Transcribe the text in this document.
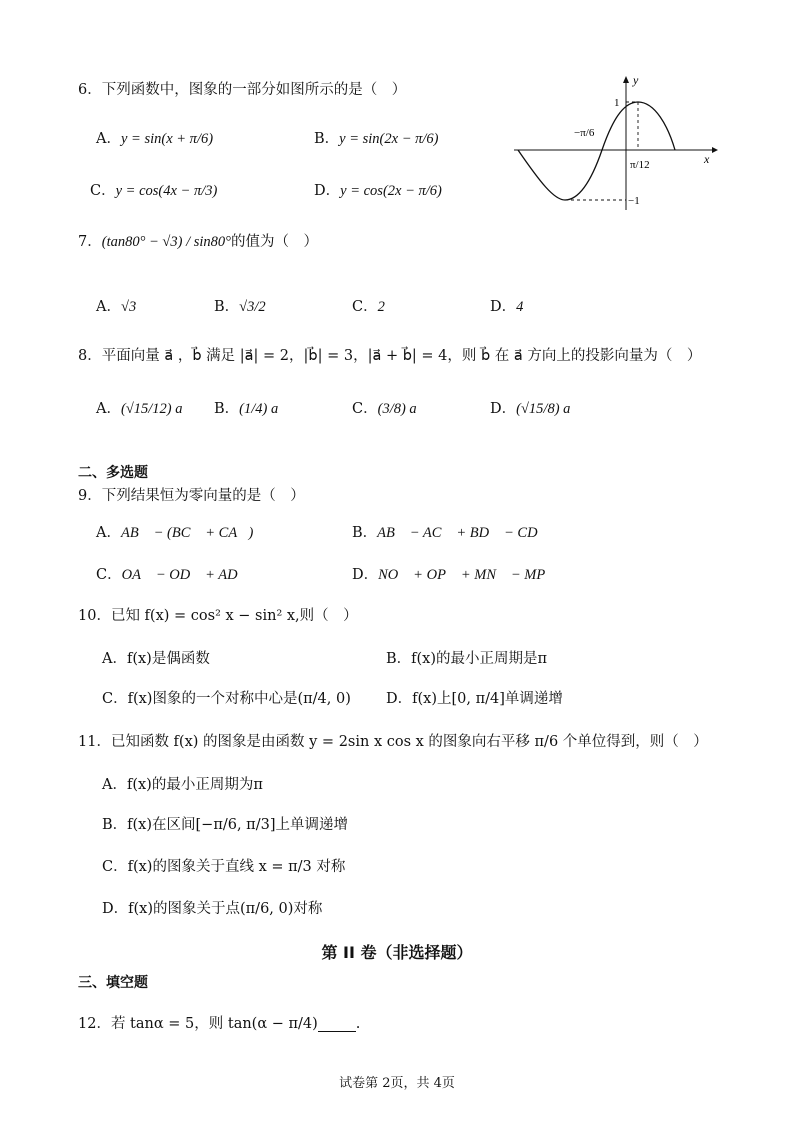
6．下列函数中，图象的一部分如图所示的是（　）
A．y = sin(x + π/6)	B．y = sin(2x − π/6)
C．y = cos(4x − π/3)	D．y = cos(2x − π/6)
y
x
1
−1
−π/6
π/12
7．(tan80° − √3) / sin80°的值为（　）
A．√3	B．√3/2	C．2	D．4
8．平面向量 a⃗ ，b⃗ 满足 |a⃗| = 2，|b⃗| = 3，|a⃗ + b⃗| = 4，则 b⃗ 在 a⃗ 方向上的投影向量为（　）
A．(√15/12) a⃗ B．(1/4) a⃗	C．(3/8) a⃗	D．(√15/8) a⃗
二、多选题
9．下列结果恒为零向量的是（　）
A．AB⃗ − (BC⃗ + CA⃗)	B．AB⃗ − AC⃗ + BD⃗ − CD⃗
C．OA⃗ − OD⃗ + AD⃗	D．NO⃗ + OP⃗ + MN⃗ − MP⃗
10．已知 f(x) = cos² x − sin² x,则（　）
A．f(x)是偶函数	B．f(x)的最小正周期是π
C．f(x)图象的一个对称中心是(π/4, 0) D．f(x)上[0, π/4]单调递增
11．已知函数 f(x) 的图象是由函数 y = 2sin x cos x 的图象向右平移 π/6 个单位得到，则（　）
A．f(x)的最小正周期为π
B．f(x)在区间[−π/6, π/3]上单调递增
C．f(x)的图象关于直线 x = π/3 对称
D．f(x)的图象关于点(π/6, 0)对称
第 II 卷（非选择题）
三、填空题
12．若 tanα = 5，则 tan(α − π/4)	.
试卷第 2页，共 4页
